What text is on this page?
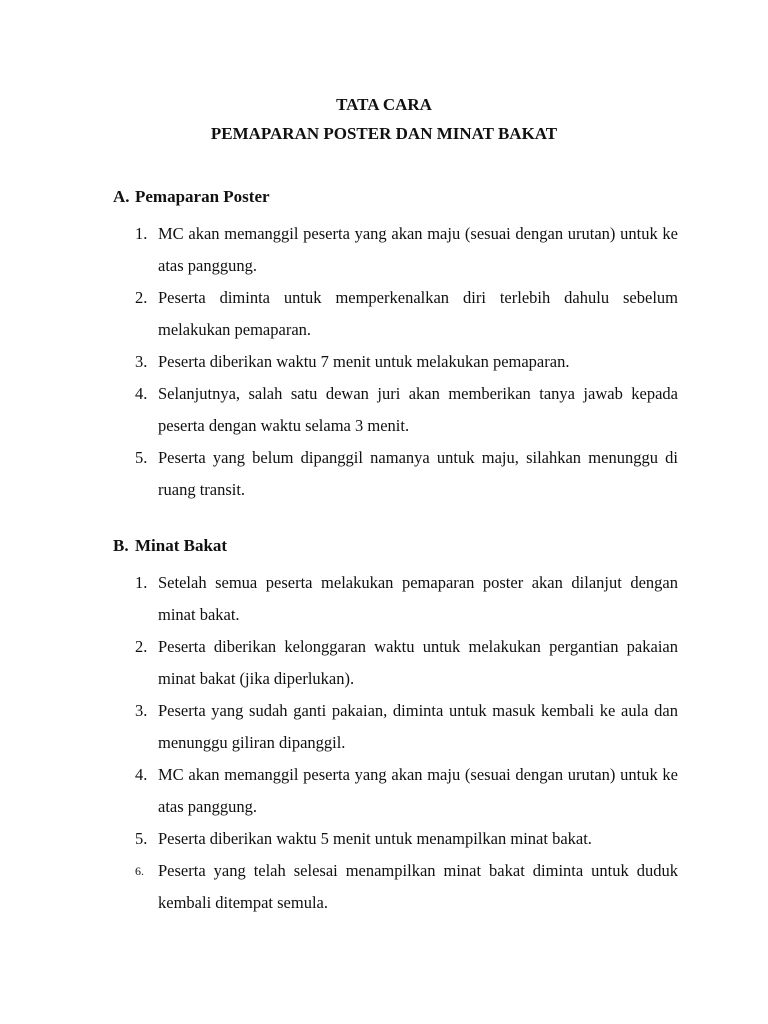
TATA CARA
PEMAPARAN POSTER DAN MINAT BAKAT
A. Pemaparan Poster
1. MC akan memanggil peserta yang akan maju (sesuai dengan urutan) untuk ke atas panggung.
2. Peserta diminta untuk memperkenalkan diri terlebih dahulu sebelum melakukan pemaparan.
3. Peserta diberikan waktu 7 menit untuk melakukan pemaparan.
4. Selanjutnya, salah satu dewan juri akan memberikan tanya jawab kepada peserta dengan waktu selama 3 menit.
5. Peserta yang belum dipanggil namanya untuk maju, silahkan menunggu di ruang transit.
B. Minat Bakat
1. Setelah semua peserta melakukan pemaparan poster akan dilanjut dengan minat bakat.
2. Peserta diberikan kelonggaran waktu untuk melakukan pergantian pakaian minat bakat (jika diperlukan).
3. Peserta yang sudah ganti pakaian, diminta untuk masuk kembali ke aula dan menunggu giliran dipanggil.
4. MC akan memanggil peserta yang akan maju (sesuai dengan urutan) untuk ke atas panggung.
5. Peserta diberikan waktu 5 menit untuk menampilkan minat bakat.
6. Peserta yang telah selesai menampilkan minat bakat diminta untuk duduk kembali ditempat semula.
